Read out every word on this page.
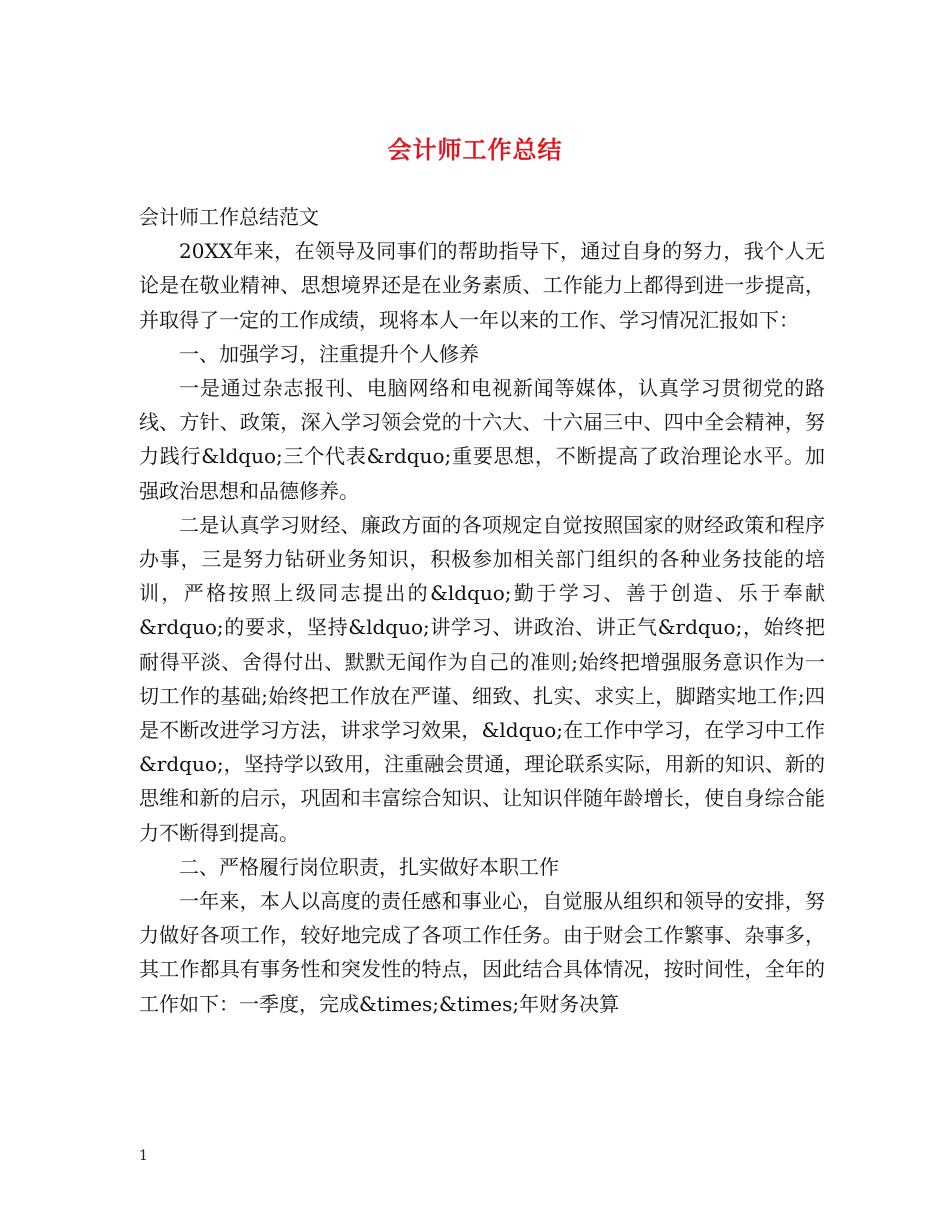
会计师工作总结

会计师工作总结范文

20XX年来，在领导及同事们的帮助指导下，通过自身的努力，我个人无论是在敬业精神、思想境界还是在业务素质、工作能力上都得到进一步提高，并取得了一定的工作成绩，现将本人一年以来的工作、学习情况汇报如下：

一、加强学习，注重提升个人修养

一是通过杂志报刊、电脑网络和电视新闻等媒体，认真学习贯彻党的路线、方针、政策，深入学习领会党的十六大、十六届三中、四中全会精神，努力践行&ldquo;三个代表&rdquo;重要思想，不断提高了政治理论水平。加强政治思想和品德修养。

二是认真学习财经、廉政方面的各项规定自觉按照国家的财经政策和程序办事，三是努力钻研业务知识，积极参加相关部门组织的各种业务技能的培训，严格按照上级同志提出的&ldquo;勤于学习、善于创造、乐于奉献&rdquo;的要求，坚持&ldquo;讲学习、讲政治、讲正气&rdquo;，始终把耐得平淡、舍得付出、默默无闻作为自己的准则;始终把增强服务意识作为一切工作的基础;始终把工作放在严谨、细致、扎实、求实上，脚踏实地工作;四是不断改进学习方法，讲求学习效果，&ldquo;在工作中学习，在学习中工作&rdquo;，坚持学以致用，注重融会贯通，理论联系实际，用新的知识、新的思维和新的启示，巩固和丰富综合知识、让知识伴随年龄增长，使自身综合能力不断得到提高。

二、严格履行岗位职责，扎实做好本职工作

一年来，本人以高度的责任感和事业心，自觉服从组织和领导的安排，努力做好各项工作，较好地完成了各项工作任务。由于财会工作繁事、杂事多，其工作都具有事务性和突发性的特点，因此结合具体情况，按时间性，全年的工作如下：一季度，完成&times;&times;年财务决算

1
